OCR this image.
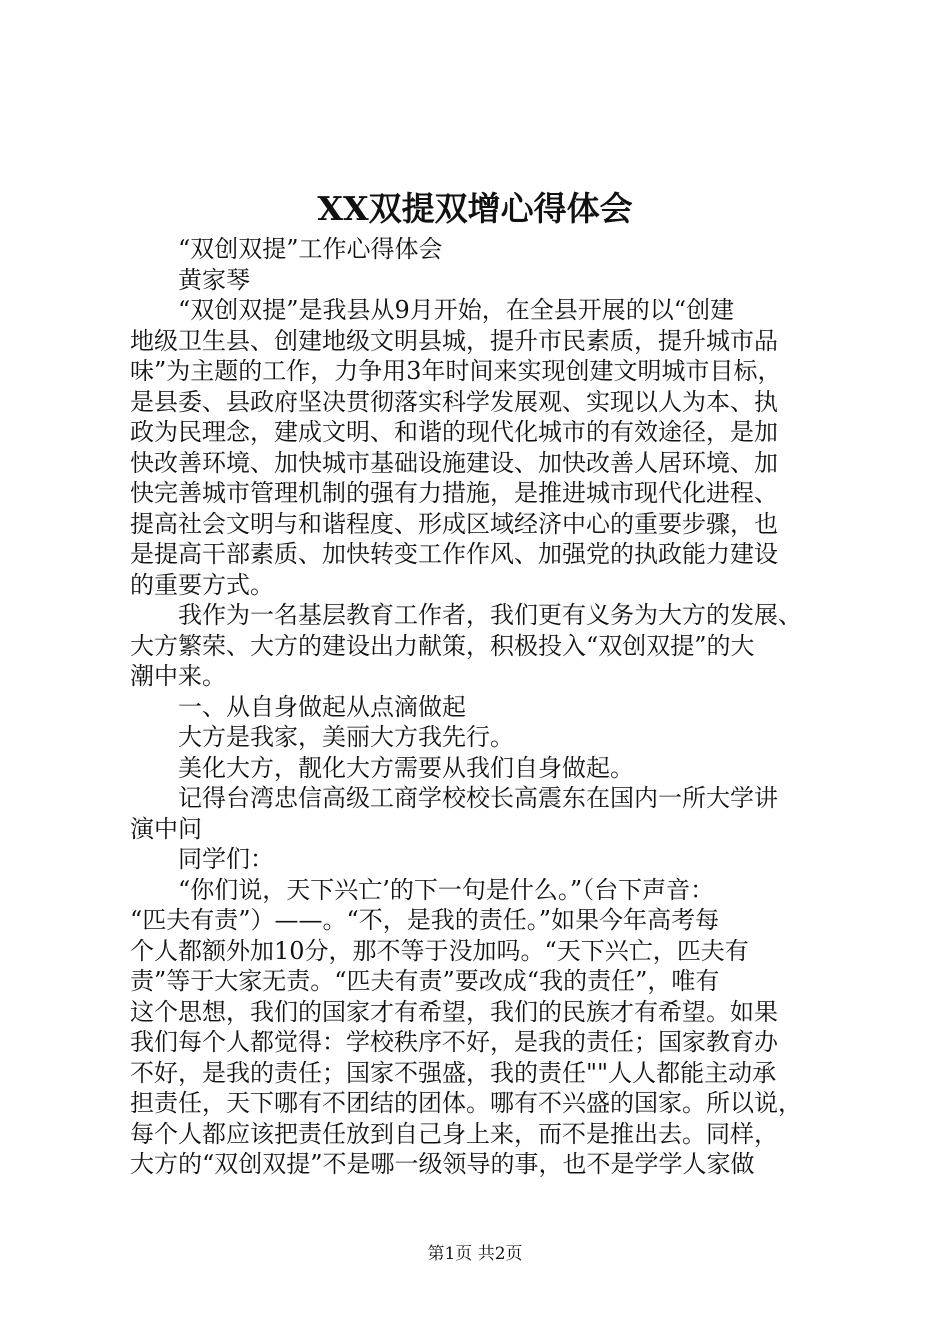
XX双提双增心得体会
“双创双提”工作心得体会
黄家琴
“双创双提”是我县从9月开始，在全县开展的以“创建
地级卫生县、创建地级文明县城，提升市民素质，提升城市品
味”为主题的工作，力争用3年时间来实现创建文明城市目标，
是县委、县政府坚决贯彻落实科学发展观、实现以人为本、执
政为民理念，建成文明、和谐的现代化城市的有效途径，是加
快改善环境、加快城市基础设施建设、加快改善人居环境、加
快完善城市管理机制的强有力措施，是推进城市现代化进程、
提高社会文明与和谐程度、形成区域经济中心的重要步骤，也
是提高干部素质、加快转变工作作风、加强党的执政能力建设
的重要方式。
我作为一名基层教育工作者，我们更有义务为大方的发展、
大方繁荣、大方的建设出力献策，积极投入“双创双提”的大
潮中来。
一、从自身做起从点滴做起
大方是我家，美丽大方我先行。
美化大方，靓化大方需要从我们自身做起。
记得台湾忠信高级工商学校校长高震东在国内一所大学讲
演中问
同学们：
“你们说，天下兴亡’的下一句是什么。”（台下声音：
“匹夫有责”）——。“不，是我的责任。”如果今年高考每
个人都额外加10分，那不等于没加吗。“天下兴亡，匹夫有
责”等于大家无责。“匹夫有责”要改成“我的责任”，唯有
这个思想，我们的国家才有希望，我们的民族才有希望。如果
我们每个人都觉得：学校秩序不好，是我的责任；国家教育办
不好，是我的责任；国家不强盛，我的责任""人人都能主动承
担责任，天下哪有不团结的团体。哪有不兴盛的国家。所以说，
每个人都应该把责任放到自己身上来，而不是推出去。同样，
大方的“双创双提”不是哪一级领导的事，也不是学学人家做
第1页 共2页
